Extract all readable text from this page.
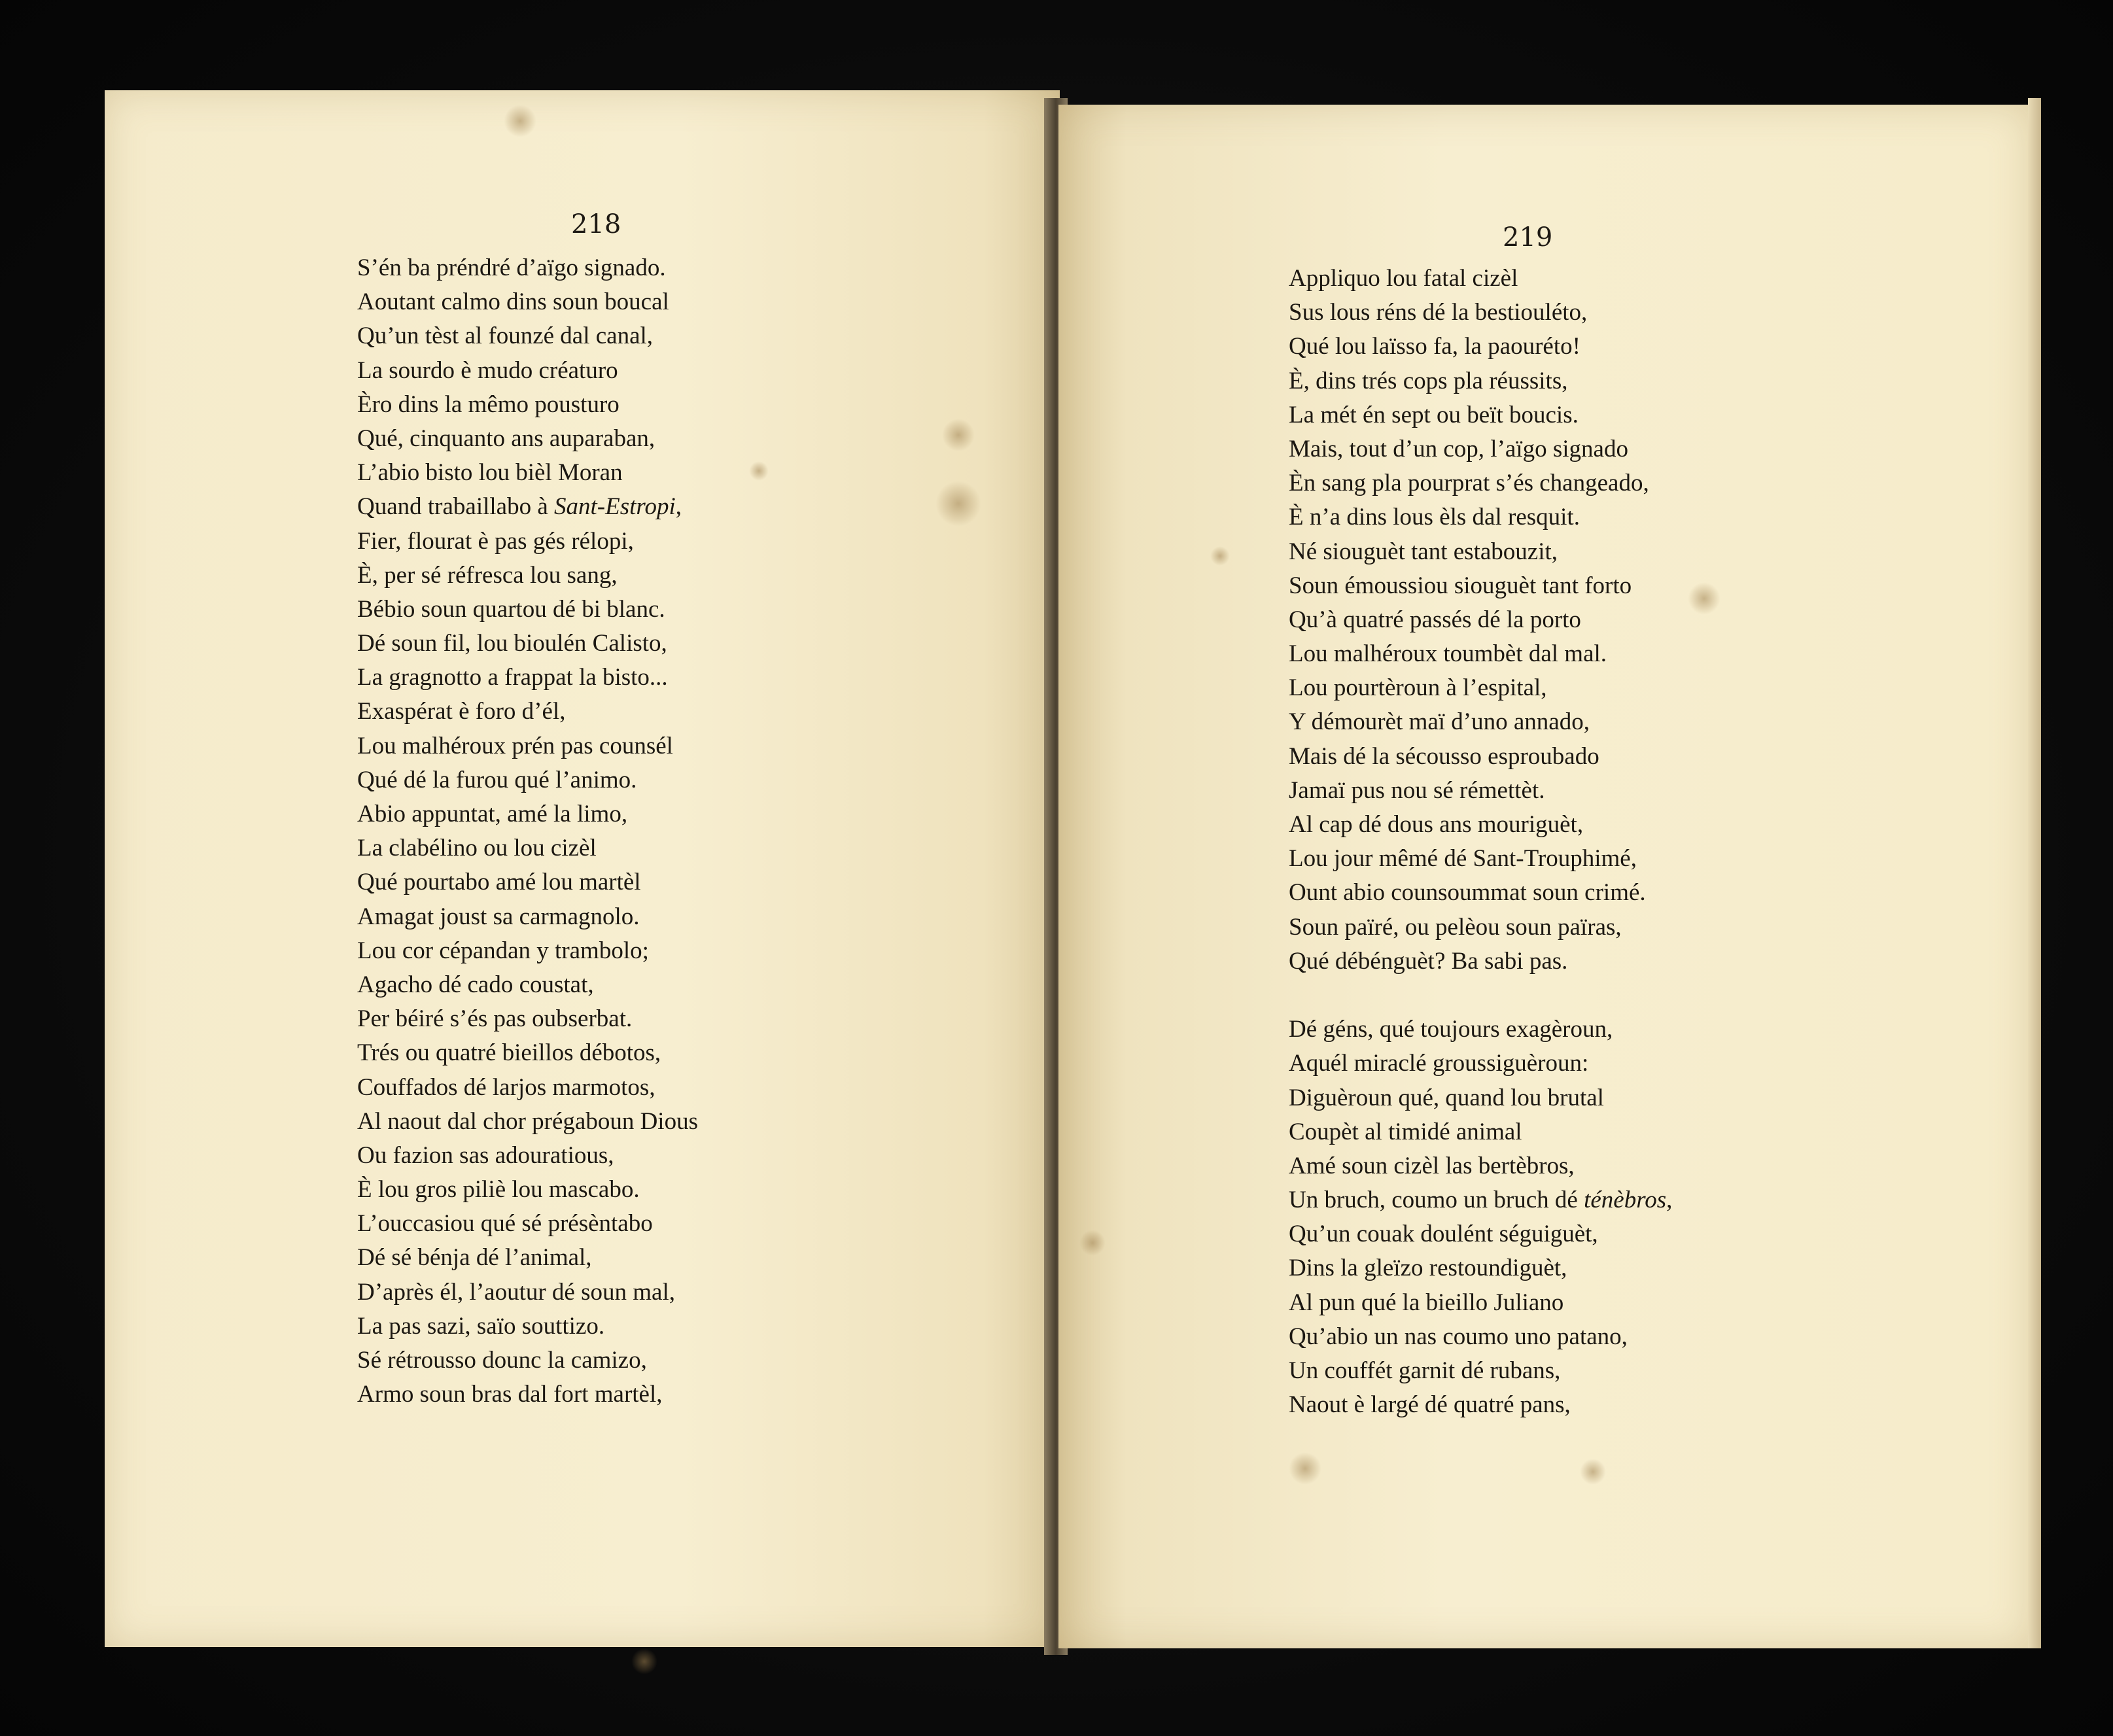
218	219
S’én ba préndré d’aïgo signado.
Aoutant calmo dins soun boucal
Qu’un tèst al founzé dal canal,
La sourdo è mudo créaturo
Èro dins la mêmo pousturo
Qué, cinquanto ans auparaban,
L’abio bisto lou bièl Moran
Quand trabaillabo à Sant-Estropi,
Fier, flourat è pas gés rélopi,
È, per sé réfresca lou sang,
Bébio soun quartou dé bi blanc.
Dé soun fil, lou bioulén Calisto,
La gragnotto a frappat la bisto...
Exaspérat è foro d’él,
Lou malhéroux prén pas counsél
Qué dé la furou qué l’animo.
Abio appuntat, amé la limo,
La clabélino ou lou cizèl
Qué pourtabo amé lou martèl
Amagat joust sa carmagnolo.
Lou cor cépandan y trambolo;
Agacho dé cado coustat,
Per béiré s’és pas oubserbat.
Trés ou quatré bieillos débotos,
Couffados dé larjos marmotos,
Al naout dal chor prégaboun Dious
Ou fazion sas adouratious,
È lou gros piliè lou mascabo.
L’ouccasiou qué sé présèntabo
Dé sé bénja dé l’animal,
D’après él, l’aoutur dé soun mal,
La pas sazi, saïo souttizo.
Sé rétrousso dounc la camizo,
Armo soun bras dal fort martèl,
Appliquo lou fatal cizèl
Sus lous réns dé la bestiouléto,
Qué lou laïsso fa, la paouréto!
È, dins trés cops pla réussits,
La mét én sept ou beït boucis.
Mais, tout d’un cop, l’aïgo signado
Èn sang pla pourprat s’és changeado,
È n’a dins lous èls dal resquit.
Né siouguèt tant estabouzit,
Soun émoussiou siouguèt tant forto
Qu’à quatré passés dé la porto
Lou malhéroux toumbèt dal mal.
Lou pourtèroun à l’espital,
Y démourèt maï d’uno annado,
Mais dé la sécousso esproubado
Jamaï pus nou sé rémettèt.
Al cap dé dous ans mouriguèt,
Lou jour mêmé dé Sant-Trouphimé,
Ount abio counsoummat soun crimé.
Soun païré, ou pelèou soun païras,
Qué débénguèt? Ba sabi pas.
Dé géns, qué toujours exagèroun,
Aquél miraclé groussiguèroun:
Diguèroun qué, quand lou brutal
Coupèt al timidé animal
Amé soun cizèl las bertèbros,
Un bruch, coumo un bruch dé ténèbros,
Qu’un couak doulént séguiguèt,
Dins la gleïzo restoundiguèt,
Al pun qué la bieillo Juliano
Qu’abio un nas coumo uno patano,
Un couffét garnit dé rubans,
Naout è largé dé quatré pans,
